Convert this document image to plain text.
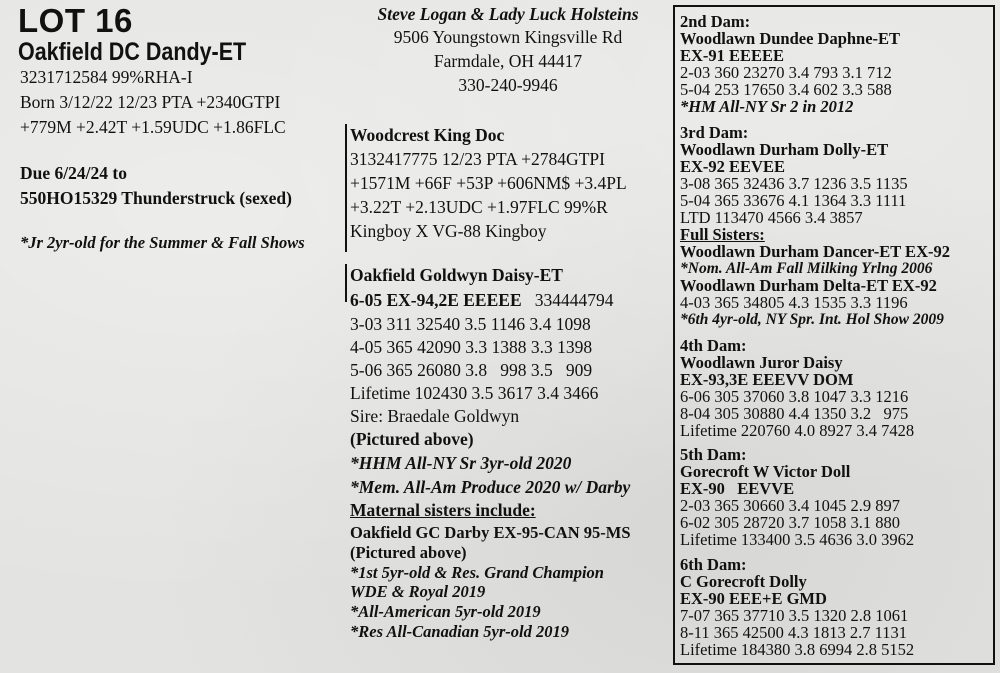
LOT 16
Oakfield DC Dandy-ET
3231712584 99%RHA-I
Born 3/12/22 12/23 PTA +2340GTPI
+779M +2.42T +1.59UDC +1.86FLC
Due 6/24/24 to
550HO15329 Thunderstruck (sexed)
*Jr 2yr-old for the Summer & Fall Shows
Steve Logan & Lady Luck Holsteins
9506 Youngstown Kingsville Rd
Farmdale, OH 44417
330-240-9946
Woodcrest King Doc
3132417775 12/23 PTA +2784GTPI
+1571M +66F +53P +606NM$ +3.4PL
+3.22T +2.13UDC +1.97FLC 99%R
Kingboy X VG-88 Kingboy
Oakfield Goldwyn Daisy-ET
6-05 EX-94,2E EEEEE 334444794
3-03 311 32540 3.5 1146 3.4 1098
4-05 365 42090 3.3 1388 3.3 1398
5-06 365 26080 3.8   998 3.5   909
Lifetime 102430 3.5 3617 3.4 3466
Sire: Braedale Goldwyn
(Pictured above)
*HHM All-NY Sr 3yr-old 2020
*Mem. All-Am Produce 2020 w/ Darby
Maternal sisters include:
Oakfield GC Darby EX-95-CAN 95-MS
(Pictured above)
*1st 5yr-old & Res. Grand Champion
WDE & Royal 2019
*All-American 5yr-old 2019
*Res All-Canadian 5yr-old 2019
2nd Dam:
Woodlawn Dundee Daphne-ET
EX-91 EEEEE
2-03 360 23270 3.4 793 3.1 712
5-04 253 17650 3.4 602 3.3 588
*HM All-NY Sr 2 in 2012
3rd Dam:
Woodlawn Durham Dolly-ET
EX-92 EEVEE
3-08 365 32436 3.7 1236 3.5 1135
5-04 365 33676 4.1 1364 3.3 1111
LTD 113470 4566 3.4 3857
Full Sisters:
Woodlawn Durham Dancer-ET EX-92
*Nom. All-Am Fall Milking Yrlng 2006
Woodlawn Durham Delta-ET EX-92
4-03 365 34805 4.3 1535 3.3 1196
*6th 4yr-old, NY Spr. Int. Hol Show 2009
4th Dam:
Woodlawn Juror Daisy
EX-93,3E EEEVV DOM
6-06 305 37060 3.8 1047 3.3 1216
8-04 305 30880 4.4 1350 3.2   975
Lifetime 220760 4.0 8927 3.4 7428
5th Dam:
Gorecroft W Victor Doll
EX-90   EEVVE
2-03 365 30660 3.4 1045 2.9 897
6-02 305 28720 3.7 1058 3.1 880
Lifetime 133400 3.5 4636 3.0 3962
6th Dam:
C Gorecroft Dolly
EX-90 EEE+E GMD
7-07 365 37710 3.5 1320 2.8 1061
8-11 365 42500 4.3 1813 2.7 1131
Lifetime 184380 3.8 6994 2.8 5152
